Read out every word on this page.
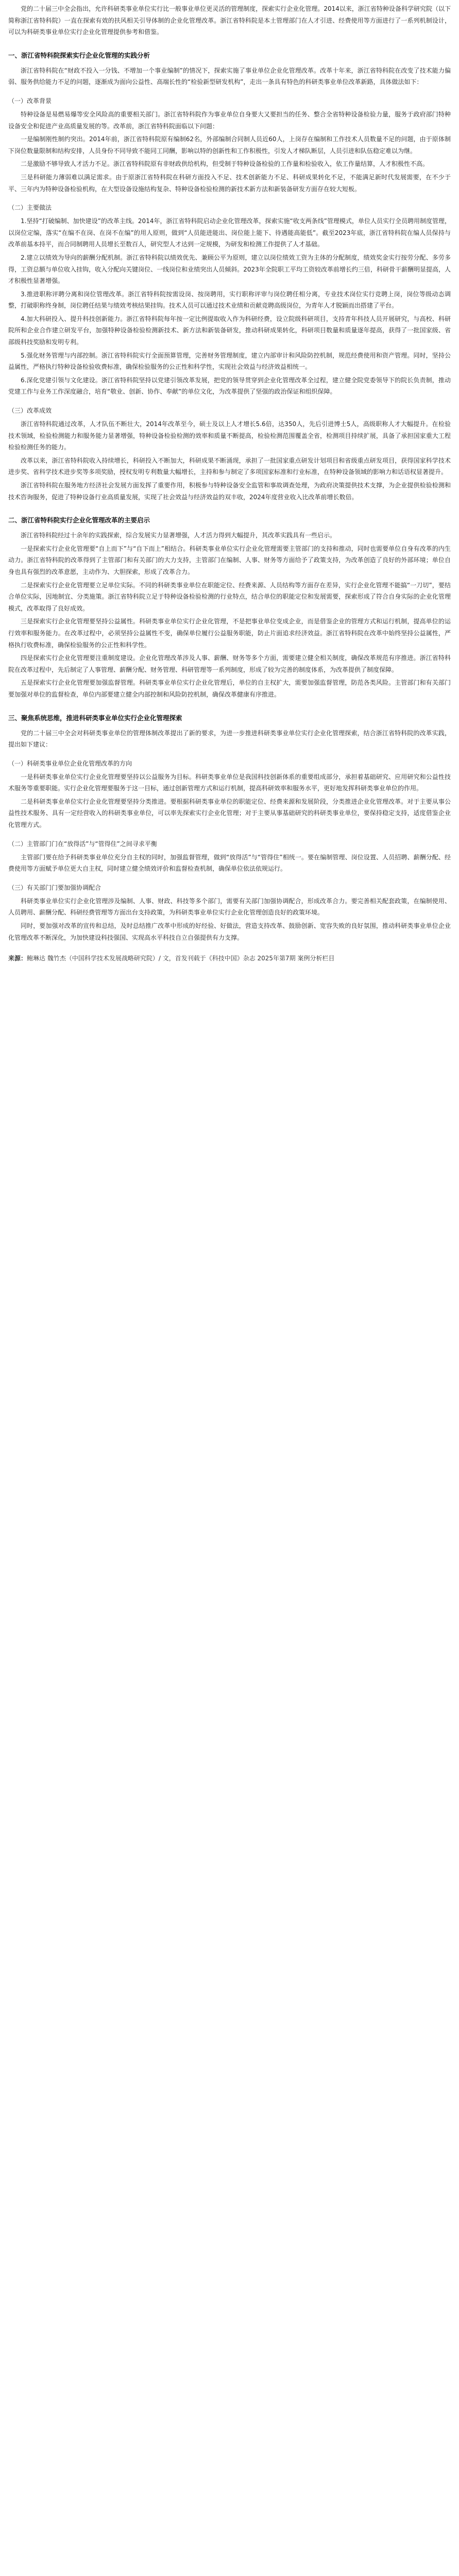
党的二十届三中全会指出，允许科研类事业单位实行比一般事业单位更灵活的管理制度，探索实行企业化管理。2014以来，浙江省特种设备科学研究院（以下简称浙江省特科院）一直在探索有效的扶风相关引导体制的企业化管理改革。浙江省特科院是本土管理部门在人才引进、经费使用等方面进行了一系列机制设计，可以为科研类事业单位实行企业化管理提供参考和借鉴。

一、浙江省特科院探索实行企业化管理的实践分析

浙江省特科院在“财政不投入一分钱、不增加一个事业编制”的情况下，探索实施了事业单位企业化管理改革。改革十年来，浙江省特科院在改变了技术能力偏弱、服务供给能力不足的问题，逐渐成为面向公益性、高端长性的“检验新型研发机构”，走出一条具有特色的科研类事业单位改革新路，具体做法如下：

（一）改革背景

特种设备是易燃易爆等安全风险高的重要相关部门。浙江省特科院作为事业单位自身要大又要担当的任务、整合全省特种设备检验力量，服务于政府部门特种设备安全和促进产业高质量发展的等。改革前，浙江省特科院面临以下问题：

一是编制刚性制约突出。2014年前，浙江省特科院原有编制62名，外部编制合同制人员近60人，上岗存在编制和工作技术人员数量不足的问题，由于原体制下岗位数量限制和结构安排，人员身份不同导致不能同工同酬，影响以特的创新性和工作积极性，引发人才梯队断层，人员引进和队伍稳定难以为继。

二是激励不够导致人才活力不足。浙江省特科院原有非财政供给机构，但受制于特种设备检验的工作量和检验收入，依工作量结算，人才积极性不高。

三是科研能力薄弱难以满足需求。由于原浙江省特科院在科研方面投入不足、技术创新能力不足、科研成果转化不足，不能满足新时代发展需要，在不少于平、三年内为特种设备检验机构，在大型设备设施结构复杂、特种设备检验检测的新技术新方法和新装备研发方面存在较大短板。

（二）主要做法

1.坚持“打破编制、加快建设”的改革主线。2014年，浙江省特科院启动企业化管理改革，探索实施“收支两条线”管理模式，单位人员实行全员聘用制度管理，以岗位定编，落实“在编不在岗、在岗不在编”的用人原则，做到“人员能进能出、岗位能上能下、待遇能高能低”。截至2023年底，浙江省特科院在编人员保持与改革前基本持平，而合同制聘用人员增长至数百人，研究型人才达到一定规模，为研发和检测工作提供了人才基础。

2.建立以绩效为导向的薪酬分配机制。浙江省特科院以绩效优先、兼顾公平为原则，建立以岗位绩效工资为主体的分配制度，绩效奖金实行按劳分配、多劳多得，工资总额与单位收入挂钩，收入分配向关键岗位、一线岗位和业绩突出人员倾斜。2023年全院职工平均工资较改革前增长约三倍，科研骨干薪酬明显提高，人才积极性显著增强。

3.推进职称评聘分离和岗位管理改革。浙江省特科院按需设岗、按岗聘用，实行职称评审与岗位聘任相分离，专业技术岗位实行竞聘上岗，岗位等级动态调整，打破职称终身制，岗位聘任结果与绩效考核结果挂钩。技术人员可以通过技术业绩和贡献竞聘高级岗位，为青年人才脱颖而出搭建了平台。

4.加大科研投入、提升科技创新能力。浙江省特科院每年按一定比例提取收入作为科研经费，设立院级科研项目，支持青年科技人员开展研究，与高校、科研院所和企业合作建立研发平台，加强特种设备检验检测新技术、新方法和新装备研发，推动科研成果转化，科研项目数量和质量逐年提高，获得了一批国家级、省部级科技奖励和发明专利。

5.强化财务管理与内部控制。浙江省特科院实行全面预算管理，完善财务管理制度，建立内部审计和风险防控机制，规范经费使用和资产管理。同时，坚持公益属性，严格执行特种设备检验收费标准，确保检验服务的公正性和科学性，实现社会效益与经济效益相统一。

6.深化党建引领与文化建设。浙江省特科院坚持以党建引领改革发展，把党的领导贯穿到企业化管理改革全过程，建立健全院党委领导下的院长负责制，推动党建工作与业务工作深度融合，培育“敬业、创新、协作、奉献”的单位文化，为改革提供了坚强的政治保证和组织保障。

（三）改革成效

浙江省特科院通过改革，人才队伍不断壮大，2014年改革至今，硕士及以上人才增长5.6倍，达350人，先后引进博士5人，高级职称人才大幅提升。在检验技术领域，检验检测能力和服务能力显著增强，特种设备检验检测的效率和质量不断提高，检验检测范围覆盖全省，检测项目持续扩展，具备了承担国家重大工程检验检测任务的能力。

改革以来，浙江省特科院收入持续增长，科研投入不断加大，科研成果不断涌现，承担了一批国家重点研发计划项目和省级重点研发项目，获得国家科学技术进步奖、省科学技术进步奖等多项奖励，授权发明专利数量大幅增长，主持和参与制定了多项国家标准和行业标准，在特种设备领域的影响力和话语权显著提升。

浙江省特科院在服务地方经济社会发展方面发挥了重要作用，积极参与特种设备安全监管和事故调查处理，为政府决策提供技术支撑，为企业提供检验检测和技术咨询服务，促进了特种设备行业高质量发展，实现了社会效益与经济效益的双丰收，2024年度营业收入比改革前增长数倍。

二、浙江省特科院实行企业化管理改革的主要启示

浙江省特科院经过十余年的实践探索，综合发展实力显著增强，人才活力得到大幅提升，其改革实践具有一些启示。

一是探索实行企业化管理要“自上而下”与“自下而上”相结合。科研类事业单位实行企业化管理需要主管部门的支持和推动，同时也需要单位自身有改革的内生动力。浙江省特科院的改革得到了主管部门和有关部门的大力支持，主管部门在编制、人事、财务等方面给予了政策支持，为改革创造了良好的外部环境；单位自身也具有强烈的改革意愿，主动作为、大胆探索，形成了改革合力。

二是探索实行企业化管理要立足单位实际。不同的科研类事业单位在职能定位、经费来源、人员结构等方面存在差异，实行企业化管理不能搞“一刀切”，要结合单位实际，因地制宜、分类施策。浙江省特科院立足于特种设备检验检测的行业特点，结合单位的职能定位和发展需要，探索形成了符合自身实际的企业化管理模式，改革取得了良好成效。

三是探索实行企业化管理要坚持公益属性。科研类事业单位实行企业化管理，不是把事业单位变成企业，而是借鉴企业的管理方式和运行机制，提高单位的运行效率和服务能力。在改革过程中，必须坚持公益属性不变，确保单位履行公益服务职能，防止片面追求经济效益。浙江省特科院在改革中始终坚持公益属性，严格执行收费标准，确保检验服务的公正性和科学性。

四是探索实行企业化管理要注重制度建设。企业化管理改革涉及人事、薪酬、财务等多个方面，需要建立健全相关制度，确保改革规范有序推进。浙江省特科院在改革过程中，先后制定了人事管理、薪酬分配、财务管理、科研管理等一系列制度，形成了较为完善的制度体系，为改革提供了制度保障。

五是探索实行企业化管理要加强监督管理。科研类事业单位实行企业化管理后，单位的自主权扩大，需要加强监督管理，防范各类风险。主管部门和有关部门要加强对单位的监督检查，单位内部要建立健全内部控制和风险防控机制，确保改革健康有序推进。

三、聚焦系统思维，推进科研类事业单位实行企业化管理探索

党的二十届三中全会对科研类事业单位的管理体制改革提出了新的要求，为进一步推进科研类事业单位实行企业化管理探索，结合浙江省特科院的改革实践，提出如下建议：

（一）科研类事业单位企业化管理改革的方向

一是科研类事业单位实行企业化管理要坚持以公益服务为目标。科研类事业单位是我国科技创新体系的重要组成部分，承担着基础研究、应用研究和公益性技术服务等重要职能。实行企业化管理要服务于这一目标，通过创新管理方式和运行机制，提高科研效率和服务水平，更好地发挥科研类事业单位的作用。

二是科研类事业单位实行企业化管理要坚持分类推进。要根据科研类事业单位的职能定位、经费来源和发展阶段，分类推进企业化管理改革。对于主要从事公益性技术服务、具有一定经营收入的科研类事业单位，可以率先探索实行企业化管理；对于主要从事基础研究的科研类事业单位，要保持稳定支持，适度借鉴企业化管理方式。

（二）主管部门门在“放得活”与“管得住”之间寻求平衡

主管部门要在给予科研类事业单位充分自主权的同时，加强监督管理，做到“放得活”与“管得住”相统一。要在编制管理、岗位设置、人员招聘、薪酬分配、经费使用等方面赋予单位更大自主权，同时建立健全绩效评价和监督检查机制，确保单位依法依规运行。

（三）有关部门门要加强协调配合

科研类事业单位实行企业化管理涉及编制、人事、财政、科技等多个部门，需要有关部门加强协调配合，形成改革合力。要完善相关配套政策，在编制使用、人员聘用、薪酬分配、科研经费管理等方面出台支持政策，为科研类事业单位实行企业化管理创造良好的政策环境。

同时，要加强对改革的宣传和总结，及时总结推广改革中形成的好经验、好做法，营造支持改革、鼓励创新、宽容失败的良好氛围，推动科研类事业单位企业化管理改革不断深化，为加快建设科技强国、实现高水平科技自立自强提供有力支撑。

来源：鲍琳达 魏竹杰（中国科学技术发展战略研究院）/ 文，首发刊载于《科技中国》杂志 2025年第7期 案例分析栏目
